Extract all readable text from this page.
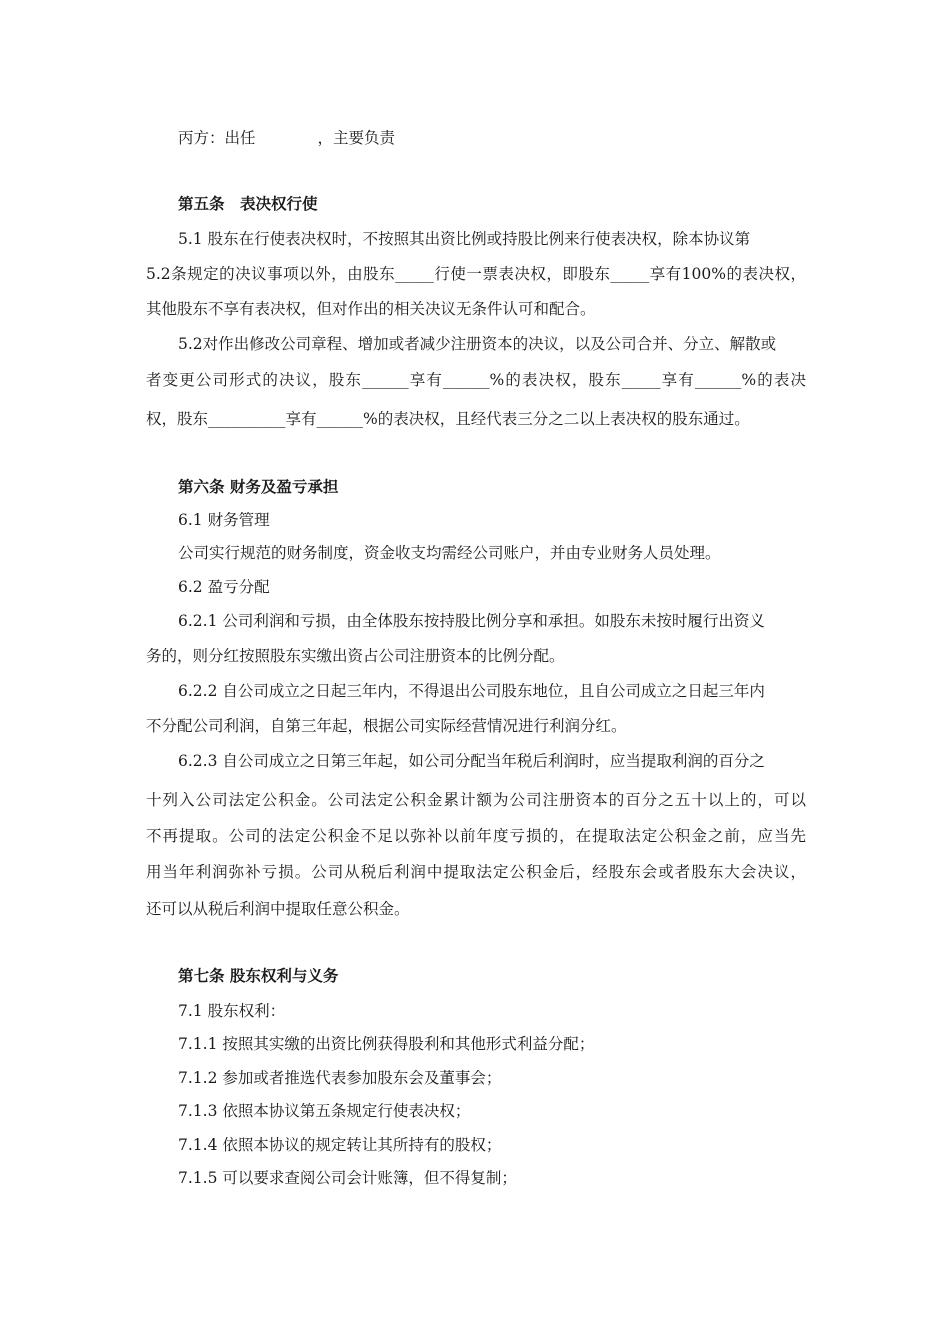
丙方：出任　　　　，主要负责
第五条　表决权行使
5.1 股东在行使表决权时，不按照其出资比例或持股比例来行使表决权，除本协议第
5.2条规定的决议事项以外，由股东_____行使一票表决权，即股东_____享有100%的表决权，
其他股东不享有表决权，但对作出的相关决议无条件认可和配合。
5.2对作出修改公司章程、增加或者减少注册资本的决议，以及公司合并、分立、解散或
者变更公司形式的决议，股东______享有______%的表决权，股东_____享有______%的表决
权，股东__________享有______%的表决权，且经代表三分之二以上表决权的股东通过。
第六条 财务及盈亏承担
6.1 财务管理
公司实行规范的财务制度，资金收支均需经公司账户，并由专业财务人员处理。
6.2 盈亏分配
6.2.1 公司利润和亏损，由全体股东按持股比例分享和承担。如股东未按时履行出资义
务的，则分红按照股东实缴出资占公司注册资本的比例分配。
6.2.2 自公司成立之日起三年内，不得退出公司股东地位，且自公司成立之日起三年内
不分配公司利润，自第三年起，根据公司实际经营情况进行利润分红。
6.2.3 自公司成立之日第三年起，如公司分配当年税后利润时，应当提取利润的百分之
十列入公司法定公积金。公司法定公积金累计额为公司注册资本的百分之五十以上的，可以
不再提取。公司的法定公积金不足以弥补以前年度亏损的，在提取法定公积金之前，应当先
用当年利润弥补亏损。公司从税后利润中提取法定公积金后，经股东会或者股东大会决议，
还可以从税后利润中提取任意公积金。
第七条 股东权利与义务
7.1 股东权利：
7.1.1 按照其实缴的出资比例获得股利和其他形式利益分配；
7.1.2 参加或者推选代表参加股东会及董事会；
7.1.3 依照本协议第五条规定行使表决权；
7.1.4 依照本协议的规定转让其所持有的股权；
7.1.5 可以要求查阅公司会计账簿，但不得复制；
